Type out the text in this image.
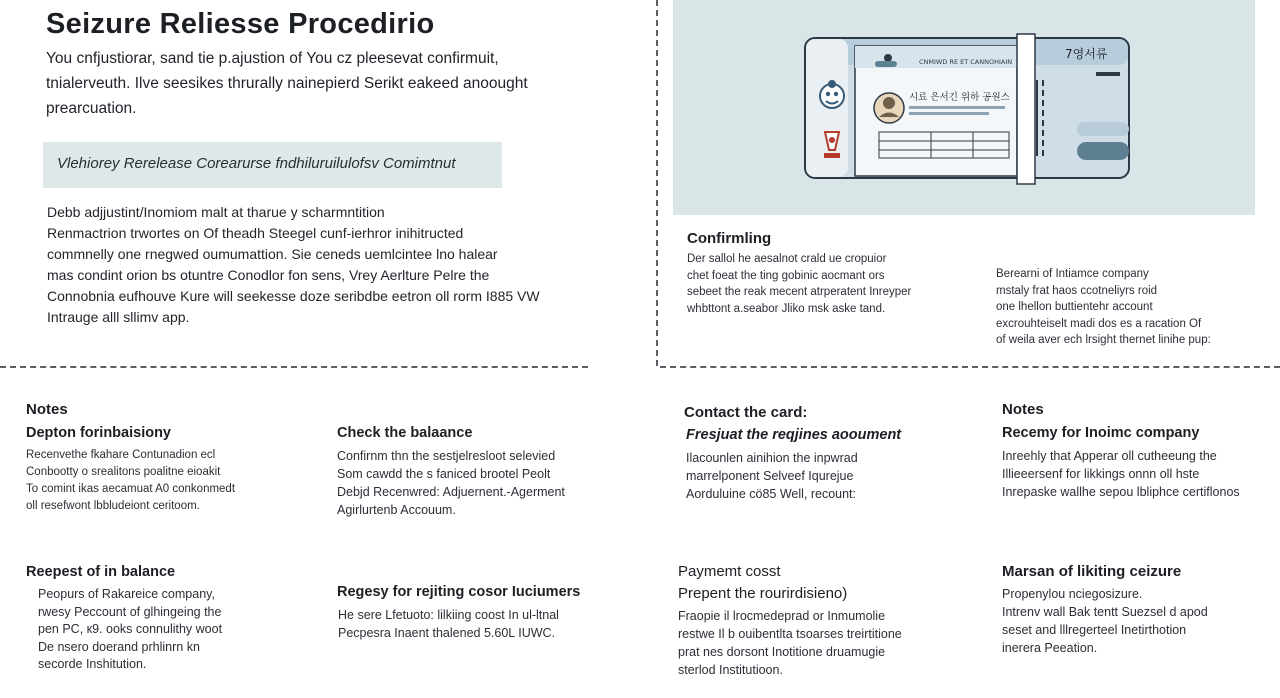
Seizure Reliesse Procedirio
You cnfjustiorar, sand tie p.ajustion of You cz pleesevat confirmuit,
tnialerveuth. Ilve seesikes thrurally nainepierd Serikt eakeed anoought
prearcuation.
Vlehiorey Rerelease Corearurse fndhiluruilulofsv Comimtnut
Debb adjjustint/Inomiom malt at tharue y scharmntition
Renmactrion trwortes on Of theadh Steegel cunf-ierhror inihitructed
commnelly one rnegwed oumumattion. Sie ceneds uemlcintee lno halear
mas condint orion bs otuntre Conodlor fon sens, Vrey Aerlture Pelre the
Connobnia eufhouve Kure will seekesse doze seribdbe eetron oll rorm I885 VW
Intrauge alll sllimv app.
7영서류
CNMIWD RE ET CANNOHIAIN
시료 은서긴 위하 공원스
Confirmling
Der sallol he aesalnot crald ue cropuior
chet foeat the ting gobinic aocmant ors
sebeet the reak mecent atrperatent Inreyper
whbttont a.seabor Jliko msk aske tand.
Berearni of Intiamce company
mstaly frat haos ccotneliyrs roid
one lhellon buttientehr account
excrouhteiselt madi dos es a racation Of
of weila aver ech lrsight thernet linihe pup:
Notes
Depton forinbaisiony
Recenvethe fkahare Contunadion ecl
Conbootty o srealitons poalitne eioakit
To comint ikas aecamuat A0 conkonmedt
oll resefwont lbbludeiont ceritoom.
Check the balaance
Confirnm thn the sestjelresloot selevied
Som cawdd the s faniced brootel Peolt
Debjd Recenwred: Adjuernent.-Agerment
Agirlurtenb Accouum.
Contact the card:
Fresjuat the reqjines aooument
Ilacounlen ainihion the inpwrad
marrelponent Selveef Iqurejue
Aorduluine cö85 Well, recount:
Notes
Recemy for Inoimc company
Inreehly that Apperar oll cutheeung the
Illieeersenf for likkings onnn oll hste
Inrepaske wallhe sepou lbliphce certiflonos
Reepest of in balance
Peopurs of Rakareice company,
rwesy Peccount of glhingeing the
pen PC, к9. ooks connulithy woot
De nsero doerand prhlinrn kn
secorde Inshitution.
Regesy for rejiting cosor Iuciumers
He sere Lfetuoto: lilkiing coost In ul-ltnal
Pecpesra Inaent thalened 5.60L IUWC.
Paymemt cosst
Prepent the rourirdisieno)
Fraopie il lrocmedeprad or Inmumolie
restwe Il b ouibentlta tsoarses treirtitione
prat nes dorsont Inotitione druamugie
sterlod Institutioon.
Marsan of likiting ceizure
Propenylou nciegosizure.
Intrenv wall Bak tentt Suezsel d apod
seset and lllregerteel Inetirthotion
inerera Peeation.
